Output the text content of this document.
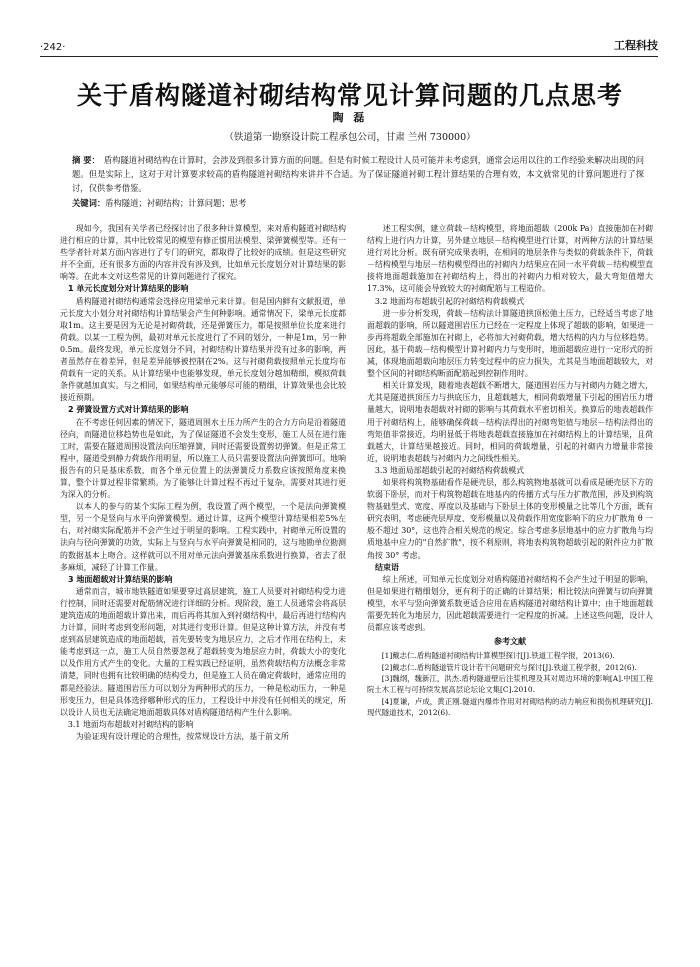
·242·	工程科技
关于盾构隧道衬砌结构常见计算问题的几点思考
陶 磊
（铁道第一勘察设计院工程承包公司，甘肃 兰州 730000）
摘 要： 盾构隧道衬砌结构在计算时，会涉及到很多计算方面的问题。但是有时候工程设计人员可能并未考虑到，通常会运用以往的工作经验来解决出现的问题。但是实际上，这对于对计算要求较高的盾构隧道衬砌结构来讲并不合适。为了保证隧道衬砌工程计算结果的合理有效，本文就常见的计算问题进行了探讨，仅供参考借鉴。
关键词：盾构隧道；衬砌结构；计算问题；思考

现如今，我国有关学者已经探讨出了很多种计算模型，来对盾构隧道衬砌结构进行相应的计算，其中比较常见的模型有修正惯用法模型、梁弹簧模型等。还有一些学者针对某方面内容进行了专门的研究，都取得了比较好的成绩。但是这些研究并不全面，还有很多方面的内容并没有涉及到，比如单元长度划分对计算结果的影响等。在此本文对这些常见的计算问题进行了探究。

1 单元长度划分对计算结果的影响

盾构隧道衬砌结构通常会选择应用梁单元来计算。但是国内鲜有文献报道，单元长度大小划分对衬砌结构计算结果会产生何种影响。通常情况下，梁单元长度都取1m。这主要是因为无论是衬砌荷载，还是弹簧压力，都是按照单位长度来进行荷载。以某一工程为例，最初对单元长度进行了不同的划分，一种是1m，另一种0.5m。最终发现，单元长度划分不同，衬砌结构计算结果并没有过多的影响，两者虽然存在着差异，但是差异能够被控制在2%。这与衬砌荷载按照单元长度均布荷载有一定的关系。从计算结果中也能够发现，单元长度划分越加精细，模拟荷载条件就越加真实。与之相同，如果结构单元能够尽可能的精细，计算效果也会比较接近预期。

2 弹簧设置方式对计算结果的影响

在不考虑任何因素的情况下，隧道周围水土压力所产生的合力方向是沿着隧道径向，而隧道位移趋势也是如此，为了保证隧道不会发生变形，施工人员在进行施工时，需要在隧道周围设置法向压缩弹簧，同时还需要设置剪切弹簧。但是正常工程中，隧道受到静力荷载作用明显，所以施工人员只需要设置法向弹簧即可。地响报告有的只是基床系数，而各个单元位置上的法弹簧反力系数应该按照角度来换算，整个计算过程非常繁琐。为了能够让计算过程不再过于复杂，需要对其进行更为深入的分析。

以本人的参与的某个实际工程为例，我设置了两个模型，一个是法向弹簧模型，另一个是竖向与水平向弹簧模型。通过计算，这两个模型计算结果相差5%左右，对衬砌实际配筋并不会产生过于明显的影响。工程实践中，衬砌单元所设置的法向与径向弹簧的功效，实际上与竖向与水平向弹簧是相同的，这与地勘单位勘测的数据基本上吻合。这样就可以不用对单元法向弹簧基床系数进行换算，省去了很多麻烦，减轻了计算工作量。

3 地面超载对计算结果的影响

通常而言，城市地铁隧道如果要穿过高层建筑，施工人员要对衬砌结构受力进行控制，同时还需要对配筋情况进行详细的分析。现阶段，施工人员通常会将高层建筑造成的地面超载计算出来，而后再将其加入到衬砌结构中，最后再进行结构内力计算，同时考虑到变形问题，对其进行变形计算。但是这种计算方法，并没有考虑到高层建筑造成的地面超载，首先要转变为地层应力，之后才作用在结构上，未能考虑到这一点，施工人员自然要忽视了超载转变为地层应力时，荷载大小的变化以及作用方式产生的变化。大量的工程实践已经证明，虽然荷载结构方法概念非常清楚，同时也拥有比较明确的结构受力，但是施工人员在确定荷载时，通常应用的都是经验法。隧道围岩压力可以划分为两种形式的压力，一种是松动压力，一种是形变压力，但是具体选择哪种形式的压力，工程设计中并没有任何相关的规定，所以设计人员也无法确定地面超载具体对盾构隧道结构产生什么影响。

3.1 地面均布超载对衬砌结构的影响

为验证现有设计理论的合理性，按常规设计方法，基于前文所

述工程实例，建立荷载－结构模型，将地面超载（200k Pa）直接施加在衬砌结构上进行内力计算，另外建立地层－结构模型进行计算，对两种方法的计算结果进行对比分析。既有研究成果表明，在相同的地层条件与类似的荷载条件下，荷载－结构模型与地层－结构模型得出的衬砌内力结果应在同一水平荷载－结构模型直接将地面超载施加在衬砌结构上，得出的衬砌内力相对较大，最大弯矩值增大 17.3%，这可能会导致较大的衬砌配筋与工程造价。

3.2 地面均布超载引起的衬砌结构荷载模式

进一步分析发现，荷载－结构法计算隧道拱顶松弛土压力，已经适当考虑了地面超载的影响，所以隧道围岩压力已经在一定程度上体现了超载的影响，如果进一步再将超载全部施加在衬砌上，必将加大衬砌荷载，增大结构的内力与位移趋势。因此，基于荷载－结构模型计算衬砌内力与变形时，地面超载应进行一定形式的折减，体现地面超载向地层压力转变过程中的应力损失，尤其是当地面超载较大，对整个区间的衬砌结构断面配筋起到控制作用时。

相关计算发现，随着地表超载不断增大，隧道围岩压力与衬砌内力随之增大，尤其是隧道拱顶压力与拱底压力，且超载越大，相同荷载增量下引起的围岩压力增量越大，说明地表超载对衬砌的影响与其荷载水平密切相关。换算后的地表超载作用于衬砌结构上，能够确保荷载－结构法得出的衬砌弯矩值与地层－结构法得出的弯矩值非常接近，均明显低于将地表超载直接施加在衬砌结构上的计算结果，且荷载越大，计算结果越接近。同时，相同的荷载增量，引起的衬砌内力增量非常接近，说明地表超载与衬砌内力之间线性相关。

3.3 地面局部超载引起的衬砌结构荷载模式

如果将构筑物基础看作是硬壳层，那么构筑物地基就可以看成是硬壳层下方的软弱下卧层，而对于构筑物超载在地基内的传播方式与压力扩散范围，涉及到构筑物基础型式、宽度、厚度以及基础与下卧层土体的变形模量之比等几个方面，既有研究表明，考虑硬壳层厚度、变形模量以及荷载作用宽度影响下的应力扩散角 θ 一般不超过 30°，这也符合相关规范的规定。综合考虑多层地基中的应力扩散角与均质地基中应力的"自然扩散"，按不利原则，将地表构筑物超载引起的附件应力扩散角按 30° 考虑。

结束语

综上所述，可知单元长度划分对盾构隧道衬砌结构不会产生过于明显的影响，但是如果进行精细划分，更有利于的正确的计算结果；相比较法向弹簧与切向弹簧模型，水平与竖向弹簧系数更适合应用在盾构隧道衬砌结构计算中；由于地面超载需要先转化为地层力，因此超载需要进行一定程度的折减。上述这些问题，设计人员都应该考虑到。

参考文献

[1]戴志仁.盾构隧道衬砌结构计算模型探讨[J].铁道工程学报，2013(6).

[2]戴志仁.盾构隧道管片设计若干问题研究与探讨[J].铁道工程学报，2012(6).

[3]魏纲，魏新江，洪杰.盾构隧道壁后注浆机理及其对周边环境的影响[A].中国工程院土木工程与可持续发展高层论坛论文集[C].2010.

[4]夏谦，卢成，黄正刚.隧道内爆炸作用对衬砌结构的动力响应和损伤机理研究[J].现代隧道技术，2012(6).
